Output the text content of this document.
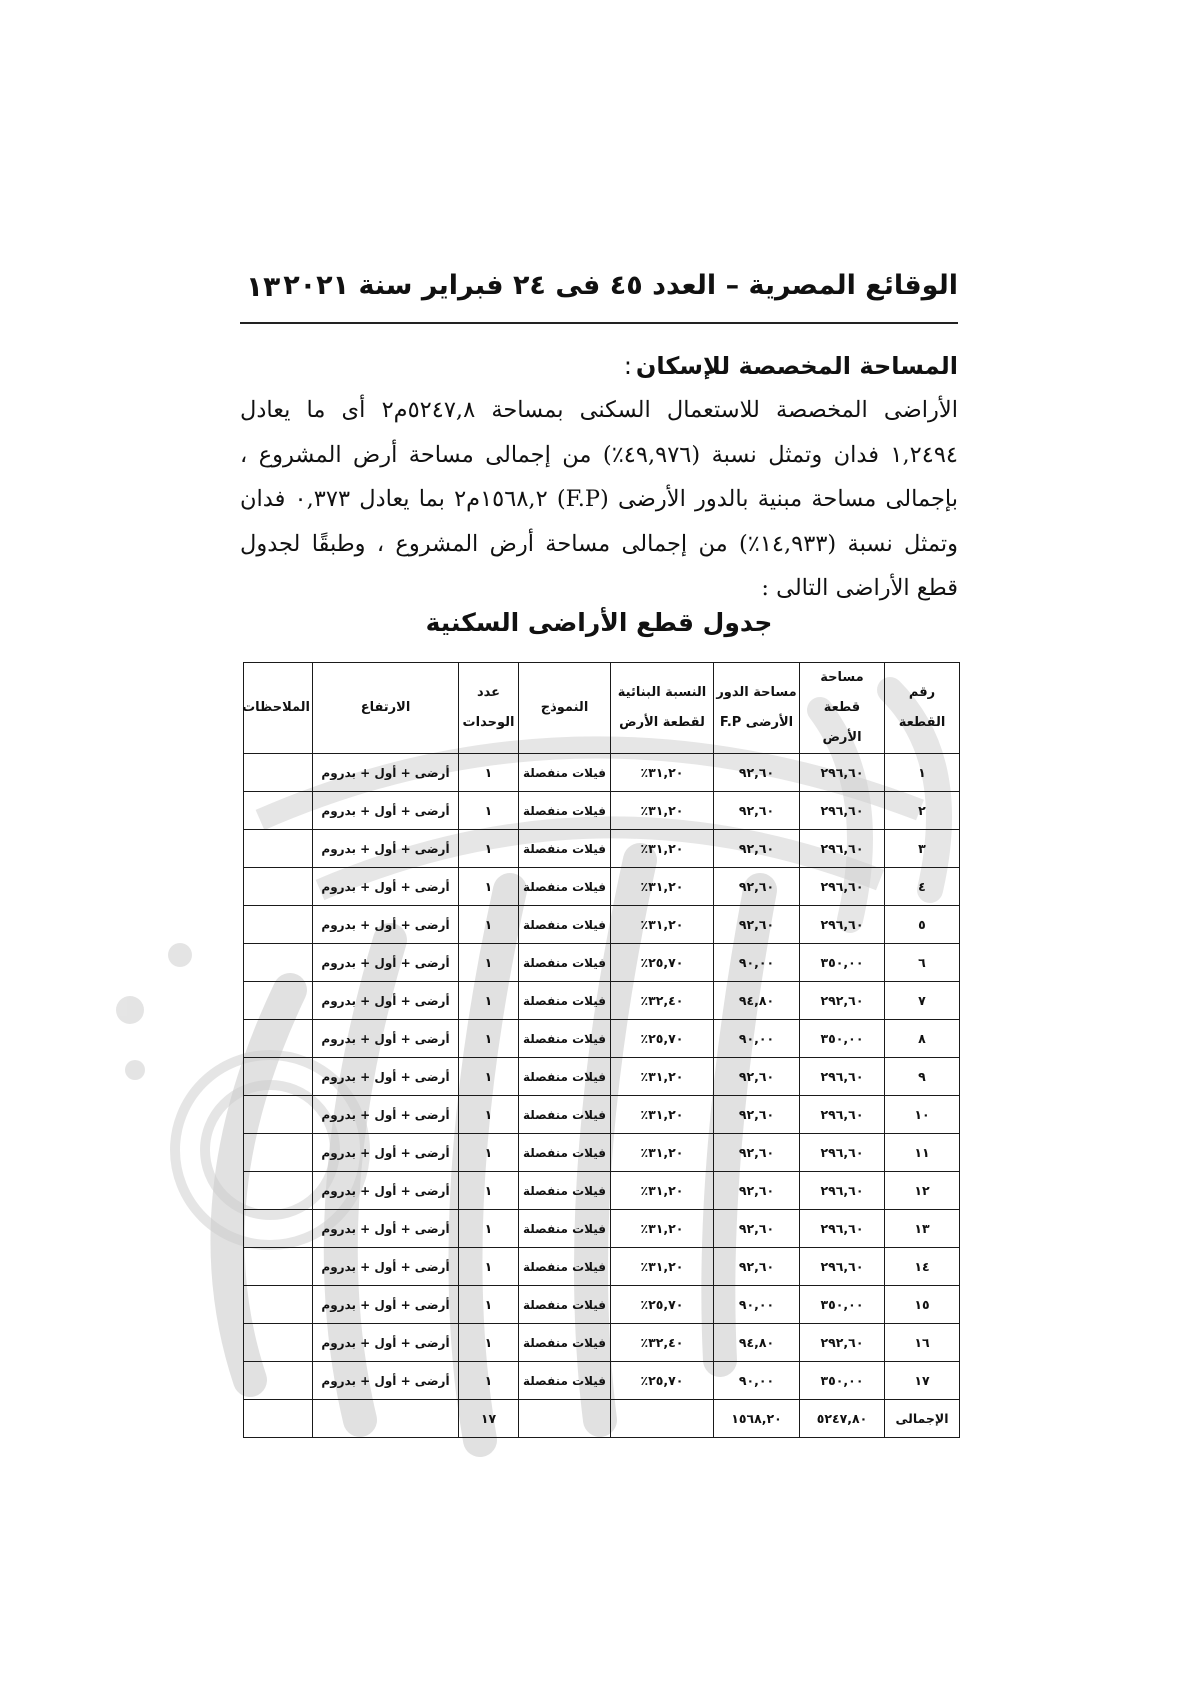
الوقائع المصرية – العدد ٤٥ فى ٢٤ فبراير سنة ٢٠٢١
١٣
المساحة المخصصة للإسكان:
الأراضى المخصصة للاستعمال السكنى بمساحة ٥٢٤٧,٨م٢ أى ما يعادل ١,٢٤٩٤ فدان وتمثل نسبة (٤٩,٩٧٦٪) من إجمالى مساحة أرض المشروع ، بإجمالى مساحة مبنية بالدور الأرضى (F.P) ١٥٦٨,٢م٢ بما يعادل ٠,٣٧٣ فدان وتمثل نسبة (١٤,٩٣٣٪) من إجمالى مساحة أرض المشروع ، وطبقًا لجدول قطع الأراضى التالى :
جدول قطع الأراضى السكنية
رقم القطعة	مساحة قطعة الأرض	مساحة الدور الأرضى F.P	النسبة البنائية لقطعة الأرض	النموذج	عدد الوحدات	الارتفاع	الملاحظات
١	٢٩٦,٦٠	٩٢,٦٠	٣١,٢٠٪	فيلات منفصلة	١	أرضى + أول + بدروم	
٢	٢٩٦,٦٠	٩٢,٦٠	٣١,٢٠٪	فيلات منفصلة	١	أرضى + أول + بدروم	
٣	٢٩٦,٦٠	٩٢,٦٠	٣١,٢٠٪	فيلات منفصلة	١	أرضى + أول + بدروم	
٤	٢٩٦,٦٠	٩٢,٦٠	٣١,٢٠٪	فيلات منفصلة	١	أرضى + أول + بدروم	
٥	٢٩٦,٦٠	٩٢,٦٠	٣١,٢٠٪	فيلات منفصلة	١	أرضى + أول + بدروم	
٦	٣٥٠,٠٠	٩٠,٠٠	٢٥,٧٠٪	فيلات منفصلة	١	أرضى + أول + بدروم	
٧	٢٩٢,٦٠	٩٤,٨٠	٣٢,٤٠٪	فيلات منفصلة	١	أرضى + أول + بدروم	
٨	٣٥٠,٠٠	٩٠,٠٠	٢٥,٧٠٪	فيلات منفصلة	١	أرضى + أول + بدروم	
٩	٢٩٦,٦٠	٩٢,٦٠	٣١,٢٠٪	فيلات منفصلة	١	أرضى + أول + بدروم	
١٠	٢٩٦,٦٠	٩٢,٦٠	٣١,٢٠٪	فيلات منفصلة	١	أرضى + أول + بدروم	
١١	٢٩٦,٦٠	٩٢,٦٠	٣١,٢٠٪	فيلات منفصلة	١	أرضى + أول + بدروم	
١٢	٢٩٦,٦٠	٩٢,٦٠	٣١,٢٠٪	فيلات منفصلة	١	أرضى + أول + بدروم	
١٣	٢٩٦,٦٠	٩٢,٦٠	٣١,٢٠٪	فيلات منفصلة	١	أرضى + أول + بدروم	
١٤	٢٩٦,٦٠	٩٢,٦٠	٣١,٢٠٪	فيلات منفصلة	١	أرضى + أول + بدروم	
١٥	٣٥٠,٠٠	٩٠,٠٠	٢٥,٧٠٪	فيلات منفصلة	١	أرضى + أول + بدروم	
١٦	٢٩٢,٦٠	٩٤,٨٠	٣٢,٤٠٪	فيلات منفصلة	١	أرضى + أول + بدروم	
١٧	٣٥٠,٠٠	٩٠,٠٠	٢٥,٧٠٪	فيلات منفصلة	١	أرضى + أول + بدروم	
الإجمالى	٥٢٤٧,٨٠	١٥٦٨,٢٠			١٧		
